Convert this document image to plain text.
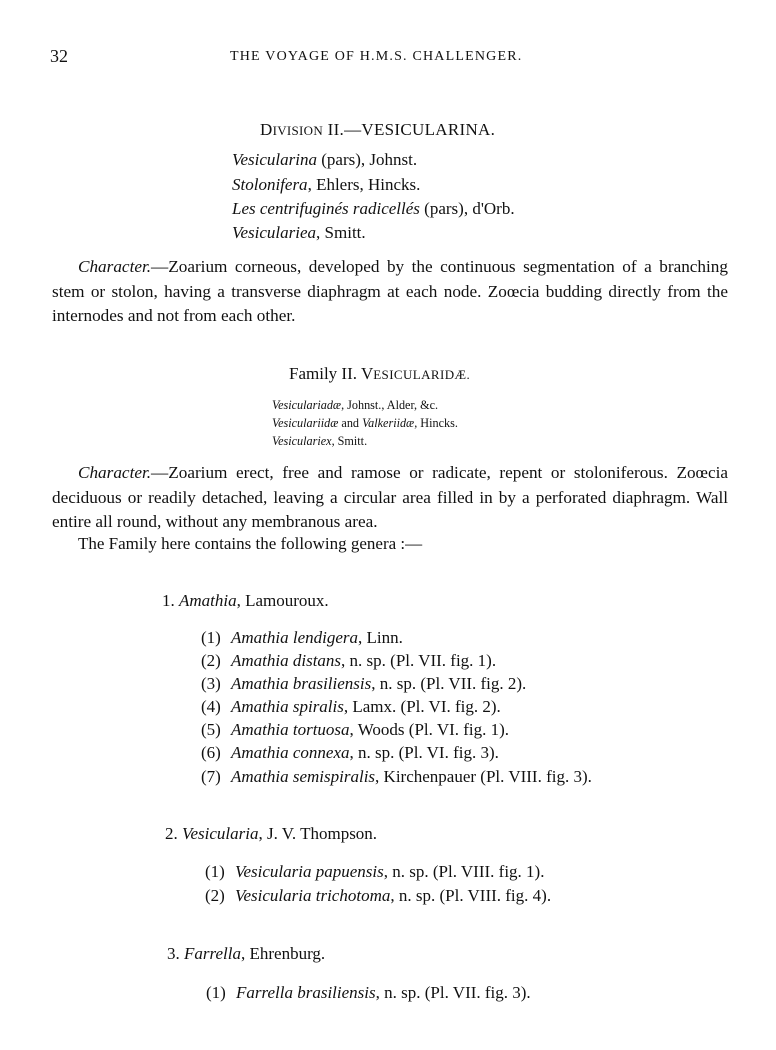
32	THE VOYAGE OF H.M.S. CHALLENGER.
DIVISION II.—VESICULARINA.
Vesicularina (pars), Johnst.
Stolonifera, Ehlers, Hincks.
Les centrifuginés radicellés (pars), d'Orb.
Vesiculariea, Smitt.
Character.—Zoarium corneous, developed by the continuous segmentation of a branching stem or stolon, having a transverse diaphragm at each node. Zoœcia budding directly from the internodes and not from each other.
Family II. VESICULARIDÆ.
Vesiculariadæ, Johnst., Alder, &c.
Vesiculariidæ and Valkeriidæ, Hincks.
Vesiculariex, Smitt.
Character.—Zoarium erect, free and ramose or radicate, repent or stoloniferous. Zoœcia deciduous or readily detached, leaving a circular area filled in by a perforated diaphragm. Wall entire all round, without any membranous area.
The Family here contains the following genera :—
1. Amathia, Lamouroux.
(1) Amathia lendigera, Linn.
(2) Amathia distans, n. sp. (Pl. VII. fig. 1).
(3) Amathia brasiliensis, n. sp. (Pl. VII. fig. 2).
(4) Amathia spiralis, Lamx. (Pl. VI. fig. 2).
(5) Amathia tortuosa, Woods (Pl. VI. fig. 1).
(6) Amathia connexa, n. sp. (Pl. VI. fig. 3).
(7) Amathia semispiralis, Kirchenpauer (Pl. VIII. fig. 3).
2. Vesicularia, J. V. Thompson.
(1) Vesicularia papuensis, n. sp. (Pl. VIII. fig. 1).
(2) Vesicularia trichotoma, n. sp. (Pl. VIII. fig. 4).
3. Farrella, Ehrenburg.
(1) Farrella brasiliensis, n. sp. (Pl. VII. fig. 3).
